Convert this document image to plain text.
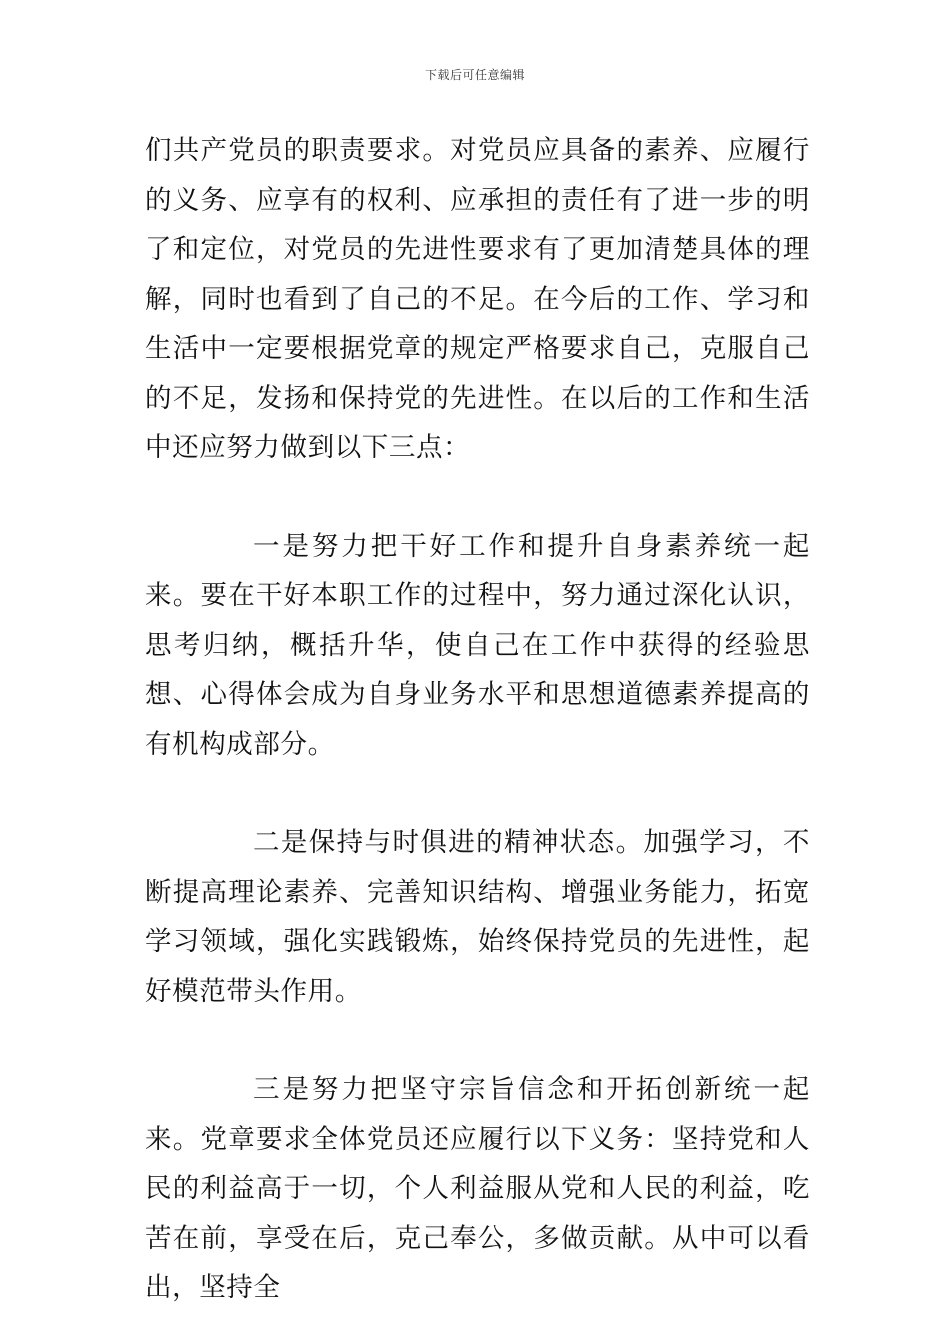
下载后可任意编辑

们共产党员的职责要求。对党员应具备的素养、应履行的义务、应享有的权利、应承担的责任有了进一步的明了和定位，对党员的先进性要求有了更加清楚具体的理解，同时也看到了自己的不足。在今后的工作、学习和生活中一定要根据党章的规定严格要求自己，克服自己的不足，发扬和保持党的先进性。在以后的工作和生活中还应努力做到以下三点：

一是努力把干好工作和提升自身素养统一起来。要在干好本职工作的过程中，努力通过深化认识，思考归纳，概括升华，使自己在工作中获得的经验思想、心得体会成为自身业务水平和思想道德素养提高的有机构成部分。

二是保持与时俱进的精神状态。加强学习，不断提高理论素养、完善知识结构、增强业务能力，拓宽学习领域，强化实践锻炼，始终保持党员的先进性，起好模范带头作用。

三是努力把坚守宗旨信念和开拓创新统一起来。党章要求全体党员还应履行以下义务：坚持党和人民的利益高于一切，个人利益服从党和人民的利益，吃苦在前，享受在后，克己奉公，多做贡献。从中可以看出，坚持全
